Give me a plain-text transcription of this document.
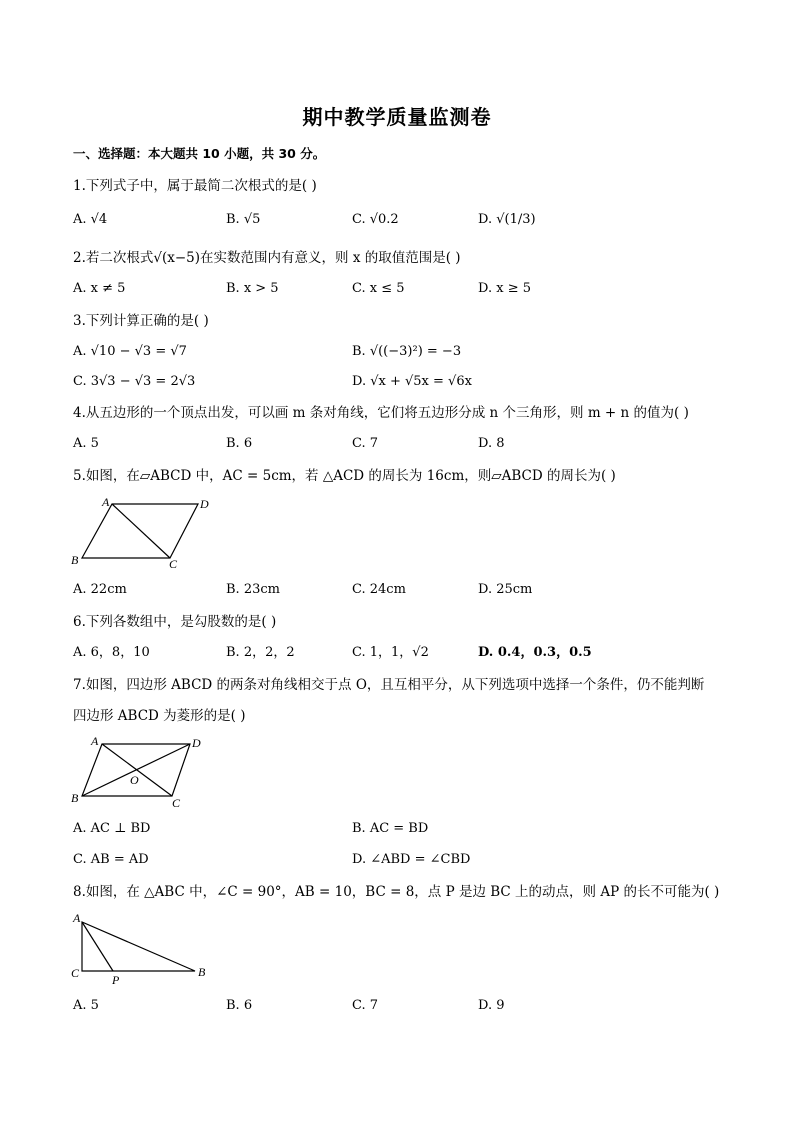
期中教学质量监测卷
一、选择题：本大题共 10 小题，共 30 分。
1.下列式子中，属于最简二次根式的是( )
A. √4	B. √5	C. √0.2	D. √(1/3)
2.若二次根式√(x−5)在实数范围内有意义，则 x 的取值范围是( )
A. x ≠ 5	B. x > 5	C. x ≤ 5	D. x ≥ 5
3.下列计算正确的是( )
A. √10 − √3 = √7	B. √((−3)²) = −3
C. 3√3 − √3 = 2√3	D. √x + √5x = √6x
4.从五边形的一个顶点出发，可以画 m 条对角线，它们将五边形分成 n 个三角形，则 m + n 的值为( )
A. 5	B. 6	C. 7	D. 8
5.如图，在▱ABCD 中，AC = 5cm，若 △ACD 的周长为 16cm，则▱ABCD 的周长为( )
A	D
B	C
A. 22cm	B. 23cm	C. 24cm	D. 25cm
6.下列各数组中，是勾股数的是( )
A. 6，8，10	B. 2，2，2	C. 1，1，√2	D. 0.4，0.3，0.5
7.如图，四边形 ABCD 的两条对角线相交于点 O，且互相平分，从下列选项中选择一个条件，仍不能判断
四边形 ABCD 为菱形的是( )
A	D
B	C
O
A. AC ⊥ BD	B. AC = BD
C. AB = AD	D. ∠ABD = ∠CBD
8.如图，在 △ABC 中，∠C = 90°，AB = 10，BC = 8，点 P 是边 BC 上的动点，则 AP 的长不可能为( )
A
C	P
B
A. 5	B. 6	C. 7	D. 9
